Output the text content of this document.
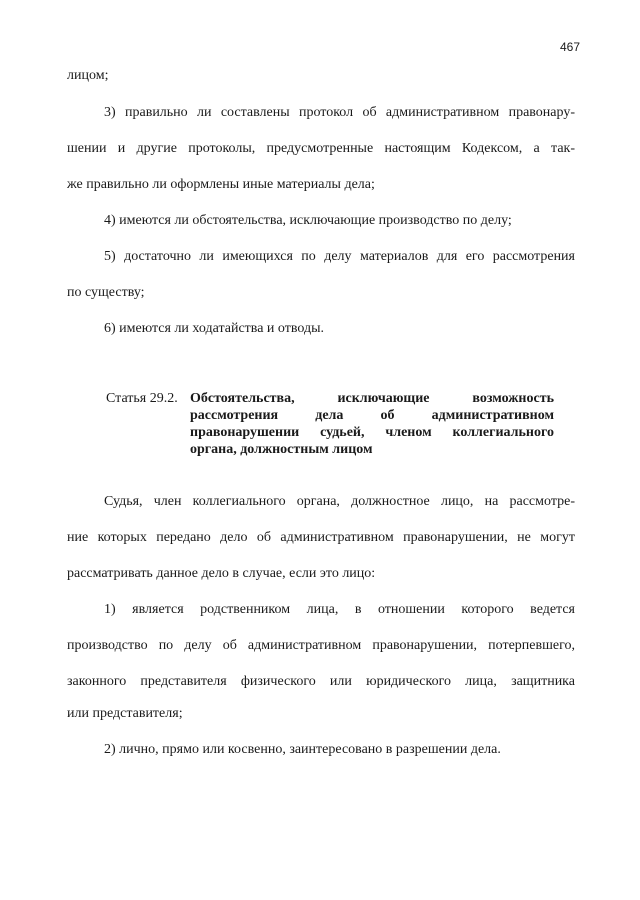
467
лицом;
3) правильно ли составлены протокол об административном правонару-
шении и другие протоколы, предусмотренные настоящим Кодексом, а так-
же правильно ли оформлены иные материалы дела;
4) имеются ли обстоятельства, исключающие производство по делу;
5) достаточно ли имеющихся по делу материалов для его рассмотрения
по существу;
6) имеются ли ходатайства и отводы.
Статья 29.2. Обстоятельства, исключающие возможность
рассмотрения дела об административном
правонарушении судьей, членом коллегиального
органа, должностным лицом
Судья, член коллегиального органа, должностное лицо, на рассмотре-
ние которых передано дело об административном правонарушении, не могут
рассматривать данное дело в случае, если это лицо:
1) является родственником лица, в отношении которого ведется
производство по делу об административном правонарушении, потерпевшего,
законного представителя физического или юридического лица, защитника
или представителя;
2) лично, прямо или косвенно, заинтересовано в разрешении дела.
